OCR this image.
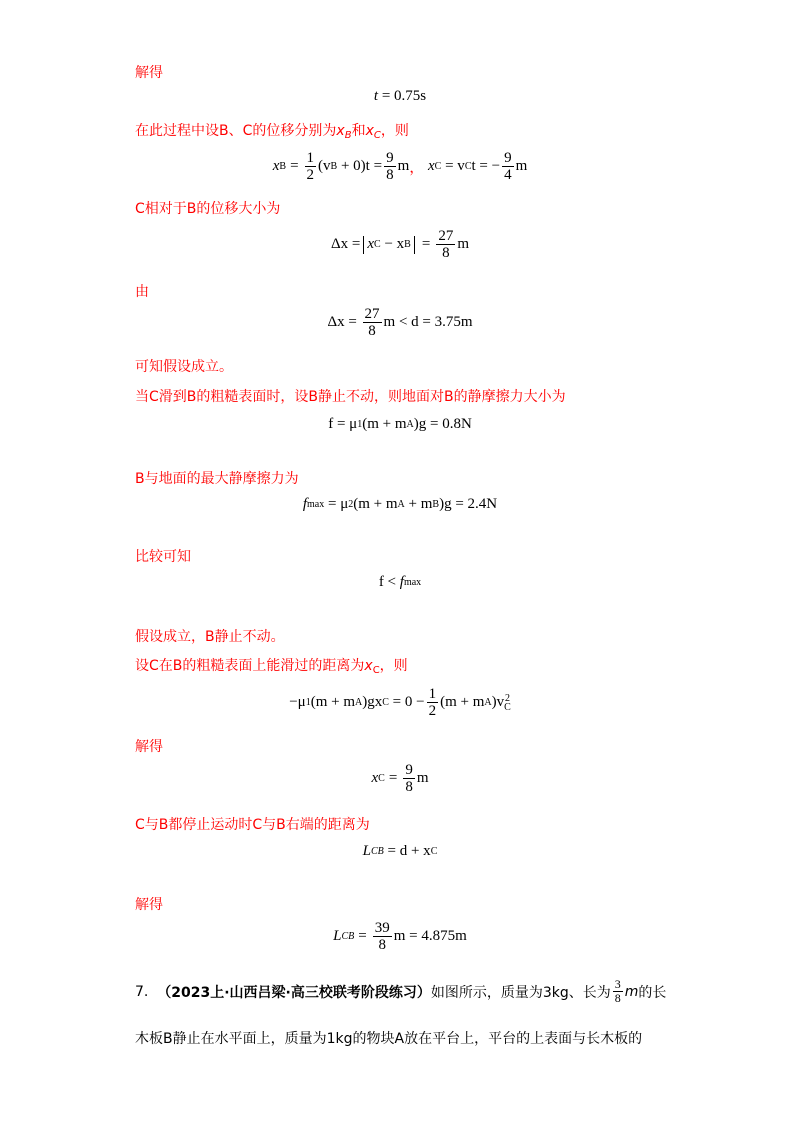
解得
t
= 0.75s
在此过程中设B、C的位移分别为$x_B$和$x_C$，则
x $B = \frac{1}{2} (v$ B
+ $0)t = \frac{9}{8}$ m ，
x C
= v C t = − $\frac{9}{4}$ m
C相对于B的位移大小为
Δx = x C
− x $B = \frac{27}{8}$ m
由
Δx =
$\frac{27}{8}$ m < d = 3.75m
可知假设成立。
当C滑到B的粗糙表面时，设B静止不动，则地面对B的静摩擦力大小为
f = μ 1 (m + m A )g = 0.8N
B与地面的最大静摩擦力为
f max
= μ 2 (m + m A
+ m B )g = 2.4N
比较可知
f <
f max
假设成立，B静止不动。
设C在B的粗糙表面上能滑过的距离为$x_C$，则
−μ 1 (m + m A )gx C
= $0 - \frac{1}{2} (m + m$ A )v 2
C
解得
x $C = \frac{9}{8}$ m
C与B都停止运动时C与B右端的距离为
L CB
= d + x C
解得
L CB = $\frac{39}{8}$ m = 4.875m
7.
（2023上·山西吕梁·高三校联考阶段练习） 如图所示，质量为3kg、长为 $\frac{3}{8}$ m 的长
木板B静止在水平面上，质量为1kg的物块A放在平台上，平台的上表面与长木板的
